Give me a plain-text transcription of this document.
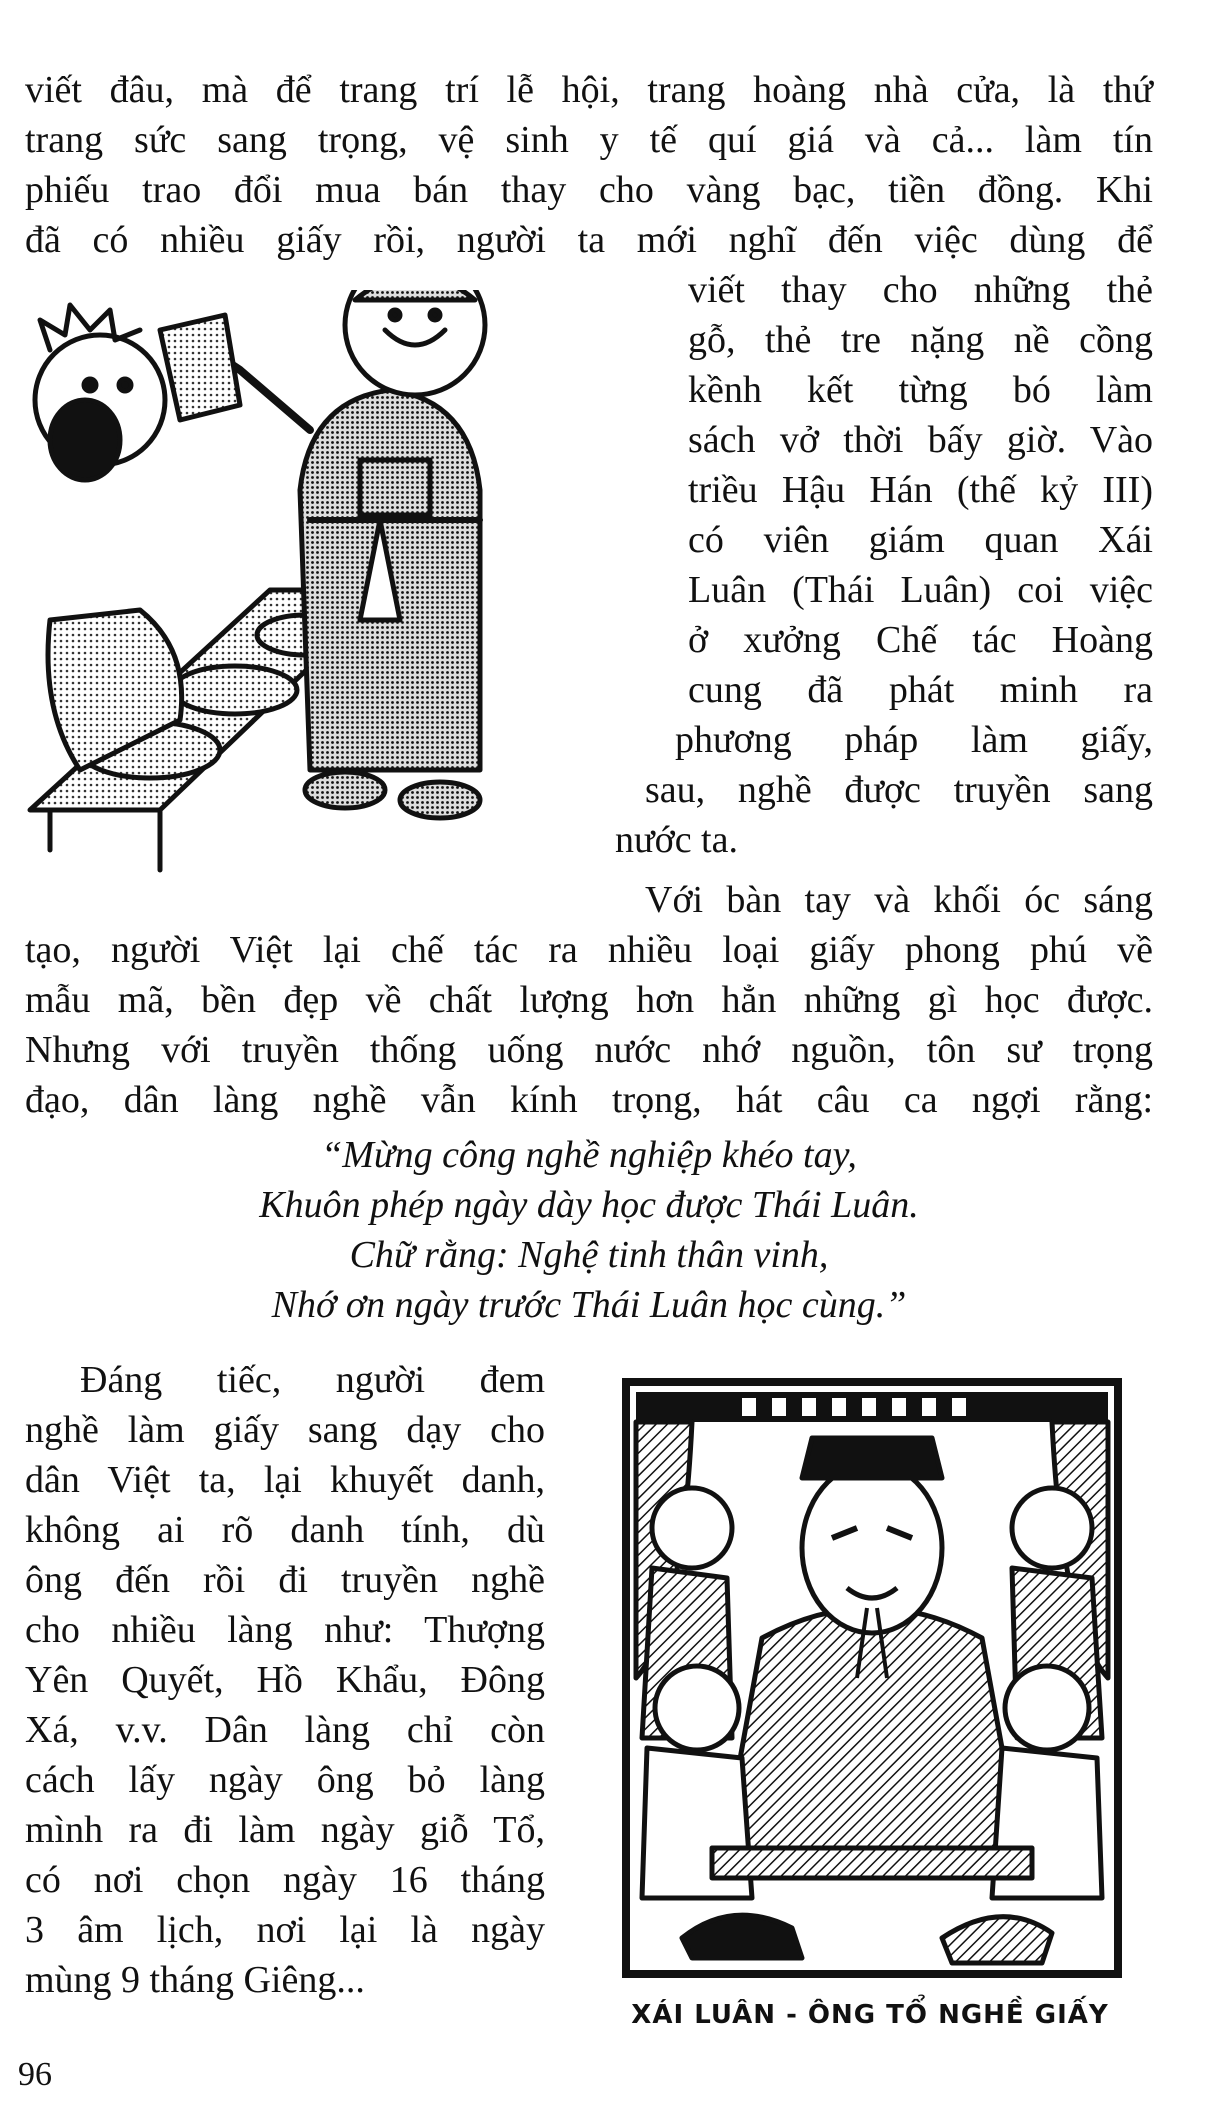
viết đâu, mà để trang trí lễ hội, trang hoàng nhà cửa, là thứ
trang sức sang trọng, vệ sinh y tế quí giá và cả... làm tín
phiếu trao đổi mua bán thay cho vàng bạc, tiền đồng. Khi
đã có nhiều giấy rồi, người ta mới nghĩ đến việc dùng để
viết thay cho những thẻ
gỗ, thẻ tre nặng nề cồng
kềnh kết từng bó làm
sách vở thời bấy giờ. Vào
triều Hậu Hán (thế kỷ III)
có viên giám quan Xái
Luân (Thái Luân) coi việc
ở xưởng Chế tác Hoàng
cung đã phát minh ra
phương pháp làm giấy,
sau, nghề được truyền sang
nước ta.
Với bàn tay và khối óc sáng
tạo, người Việt lại chế tác ra nhiều loại giấy phong phú về
mẫu mã, bền đẹp về chất lượng hơn hẳn những gì học được.
Nhưng với truyền thống uống nước nhớ nguồn, tôn sư trọng
đạo, dân làng nghề vẫn kính trọng, hát câu ca ngợi rằng:
“Mừng công nghề nghiệp khéo tay,
Khuôn phép ngày dày học được Thái Luân.
Chữ rằng: Nghệ tinh thân vinh,
Nhớ ơn ngày trước Thái Luân học cùng.”
Đáng tiếc, người đem
nghề làm giấy sang dạy cho
dân Việt ta, lại khuyết danh,
không ai rõ danh tính, dù
ông đến rồi đi truyền nghề
cho nhiều làng như: Thượng
Yên Quyết, Hồ Khẩu, Đông
Xá, v.v. Dân làng chỉ còn
cách lấy ngày ông bỏ làng
mình ra đi làm ngày giỗ Tổ,
có nơi chọn ngày 16 tháng
3 âm lịch, nơi lại là ngày
mùng 9 tháng Giêng...
XÁI LUÂN - ÔNG TỔ NGHỀ GIẤY
96
